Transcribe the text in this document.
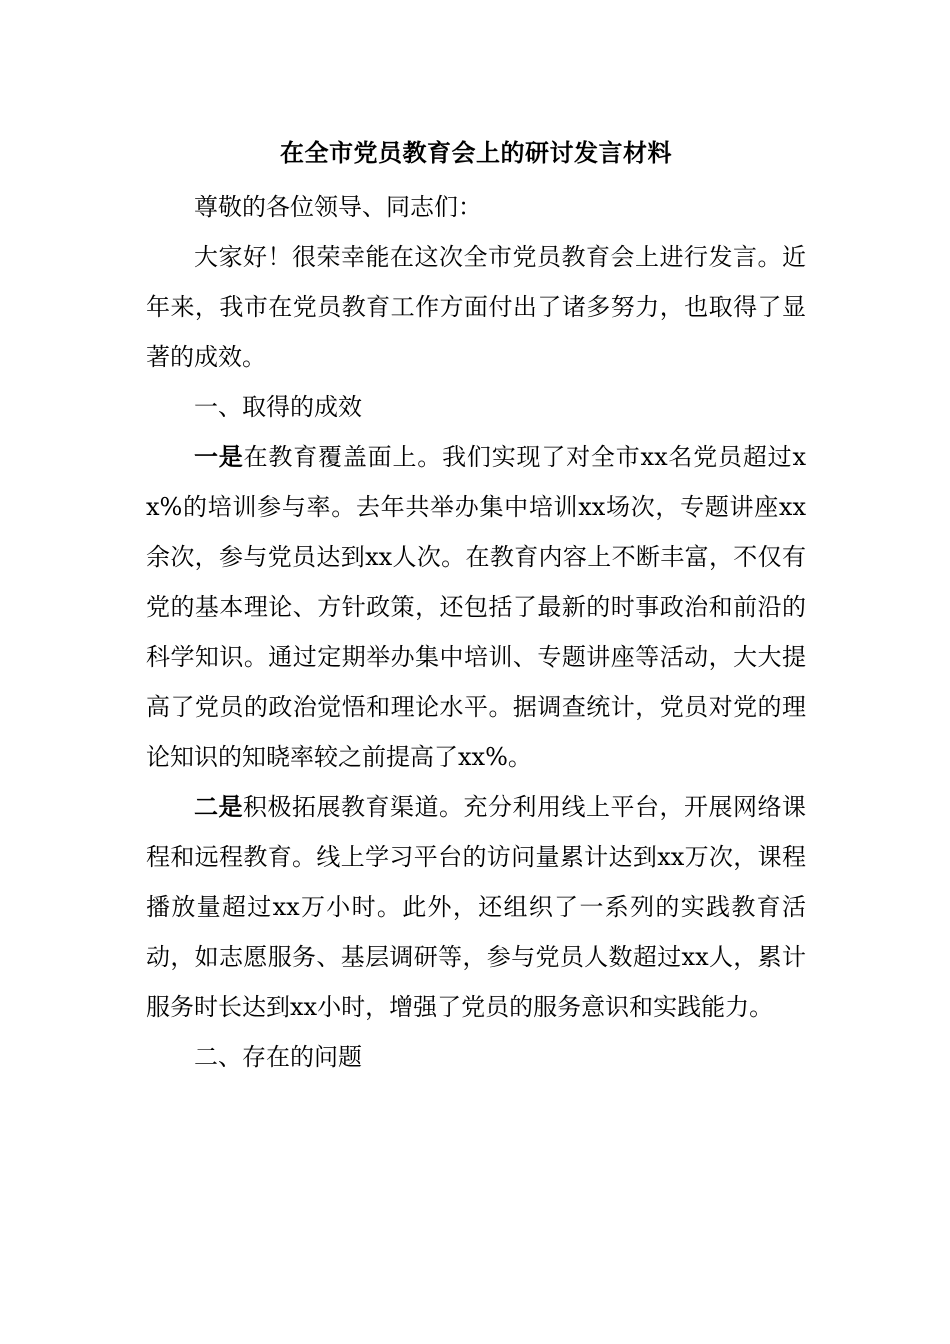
在全市党员教育会上的研讨发言材料

尊敬的各位领导、同志们：

大家好！很荣幸能在这次全市党员教育会上进行发言。近年来，我市在党员教育工作方面付出了诸多努力，也取得了显著的成效。

一、取得的成效

一是在教育覆盖面上。我们实现了对全市xx名党员超过xx%的培训参与率。去年共举办集中培训xx场次，专题讲座xx余次，参与党员达到xx人次。在教育内容上不断丰富，不仅有党的基本理论、方针政策，还包括了最新的时事政治和前沿的科学知识。通过定期举办集中培训、专题讲座等活动，大大提高了党员的政治觉悟和理论水平。据调查统计，党员对党的理论知识的知晓率较之前提高了xx%。

二是积极拓展教育渠道。充分利用线上平台，开展网络课程和远程教育。线上学习平台的访问量累计达到xx万次，课程播放量超过xx万小时。此外，还组织了一系列的实践教育活动，如志愿服务、基层调研等，参与党员人数超过xx人，累计服务时长达到xx小时，增强了党员的服务意识和实践能力。

二、存在的问题
